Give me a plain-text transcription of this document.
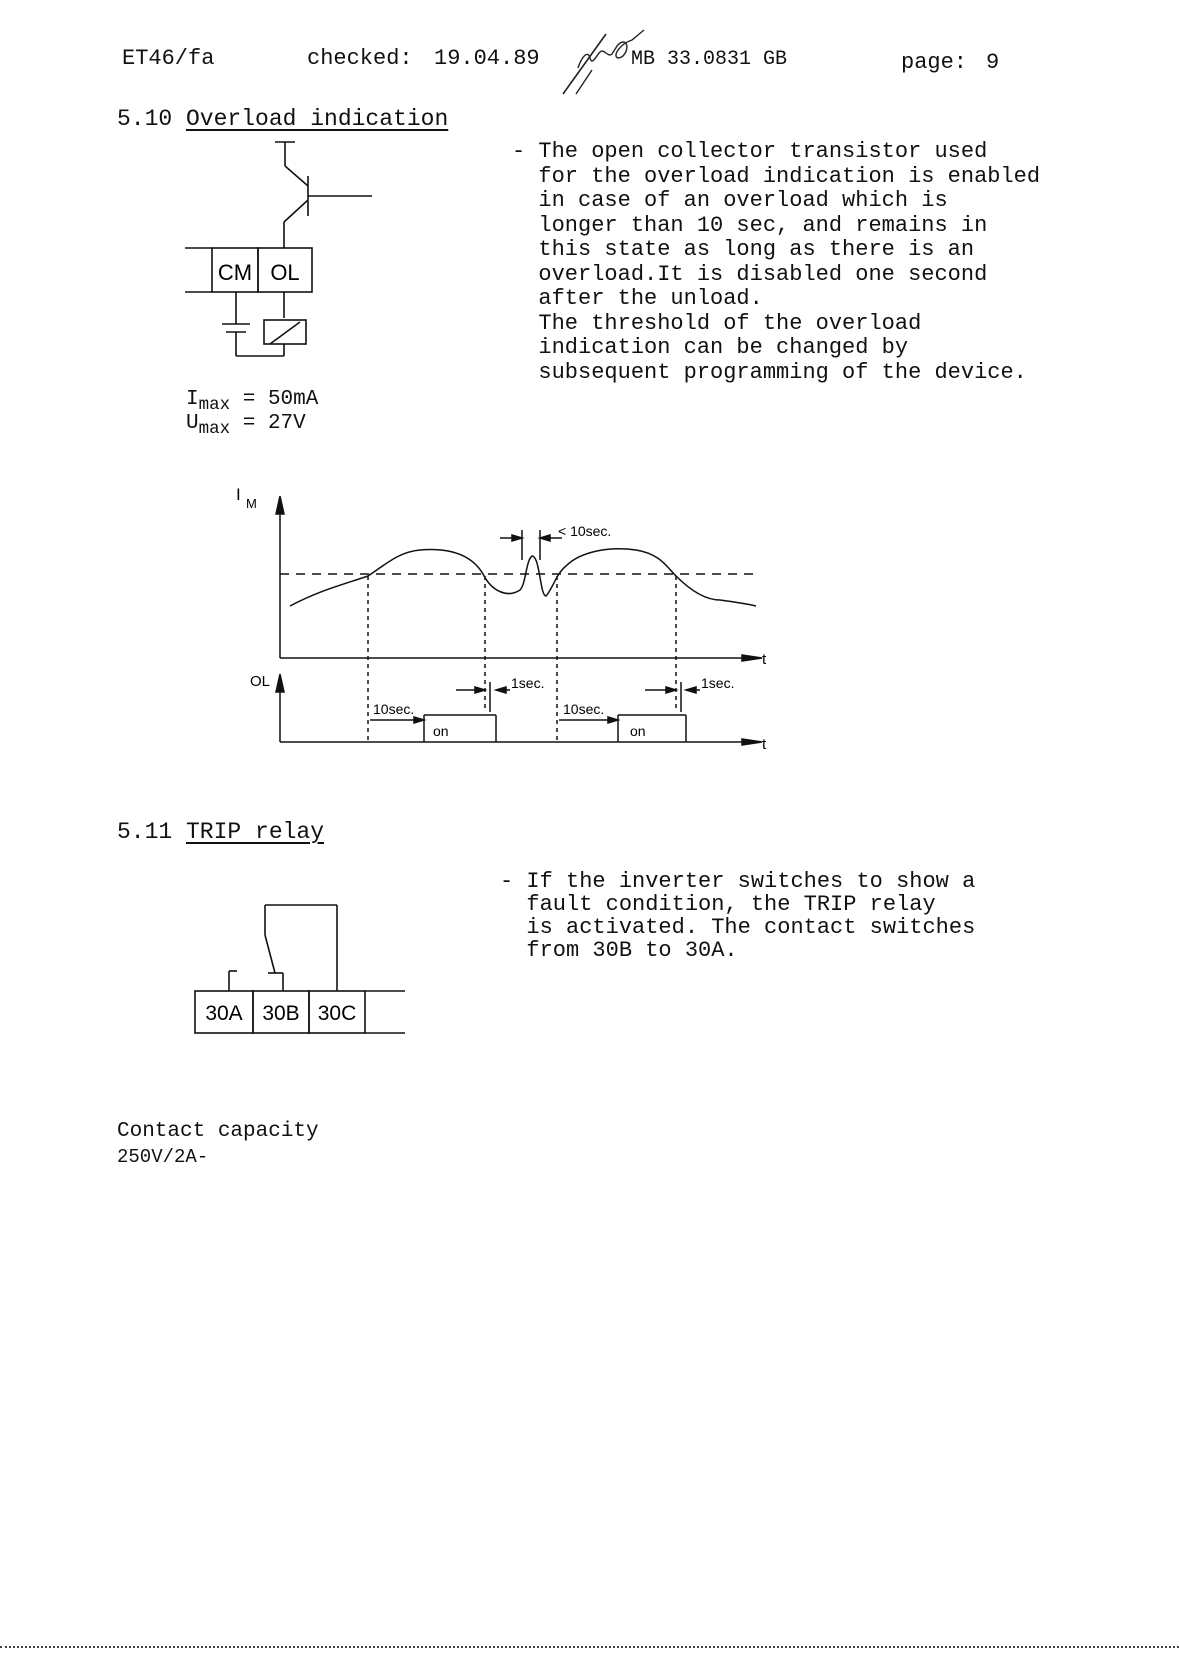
ET46/fa	checked: 19.04.89	MB 33.0831 GB	page: 9
5.10 Overload indication
CM OL
$I_{max} = 50mA$
$U_{max} = 27V$
- The open collector transistor used
for the overload indication is enabled
in case of an overload which is
longer than 10 sec, and remains in
this state as long as there is an
overload.It is disabled one second
after the unload.
The threshold of the overload
indication can be changed by
subsequent programming of the device.
I M
OL
t
t
< 10sec.
1sec.	1sec.
10sec.	10sec.
on	on
5.11 TRIP relay
30A 30B 30C
- If the inverter switches to show a
fault condition, the TRIP relay
is activated. The contact switches
from 30B to 30A.
Contact capacity
250V/2A-
